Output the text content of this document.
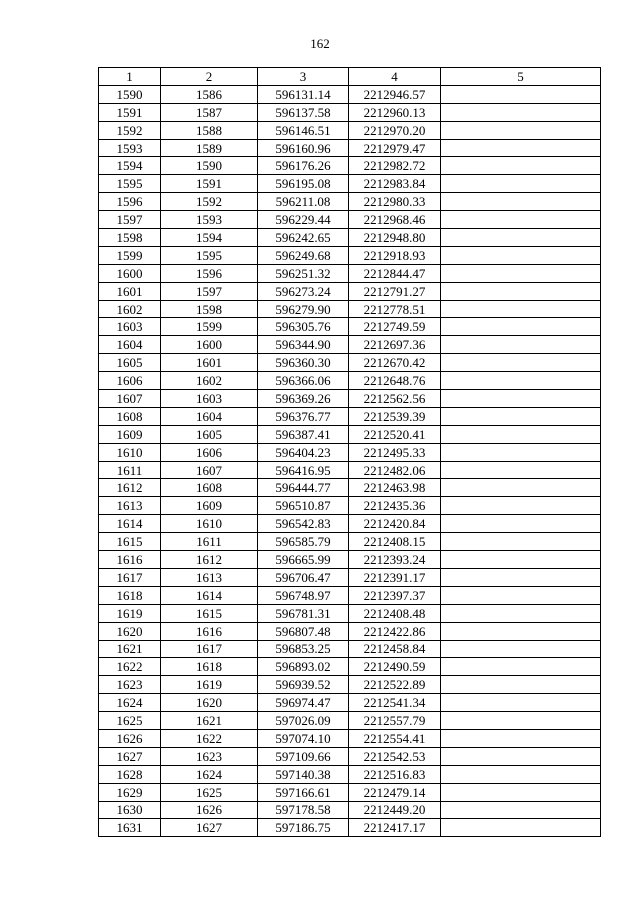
162
1	2	3	4	5
1590	1586	596131.14	2212946.57	
1591	1587	596137.58	2212960.13	
1592	1588	596146.51	2212970.20	
1593	1589	596160.96	2212979.47	
1594	1590	596176.26	2212982.72	
1595	1591	596195.08	2212983.84	
1596	1592	596211.08	2212980.33	
1597	1593	596229.44	2212968.46	
1598	1594	596242.65	2212948.80	
1599	1595	596249.68	2212918.93	
1600	1596	596251.32	2212844.47	
1601	1597	596273.24	2212791.27	
1602	1598	596279.90	2212778.51	
1603	1599	596305.76	2212749.59	
1604	1600	596344.90	2212697.36	
1605	1601	596360.30	2212670.42	
1606	1602	596366.06	2212648.76	
1607	1603	596369.26	2212562.56	
1608	1604	596376.77	2212539.39	
1609	1605	596387.41	2212520.41	
1610	1606	596404.23	2212495.33	
1611	1607	596416.95	2212482.06	
1612	1608	596444.77	2212463.98	
1613	1609	596510.87	2212435.36	
1614	1610	596542.83	2212420.84	
1615	1611	596585.79	2212408.15	
1616	1612	596665.99	2212393.24	
1617	1613	596706.47	2212391.17	
1618	1614	596748.97	2212397.37	
1619	1615	596781.31	2212408.48	
1620	1616	596807.48	2212422.86	
1621	1617	596853.25	2212458.84	
1622	1618	596893.02	2212490.59	
1623	1619	596939.52	2212522.89	
1624	1620	596974.47	2212541.34	
1625	1621	597026.09	2212557.79	
1626	1622	597074.10	2212554.41	
1627	1623	597109.66	2212542.53	
1628	1624	597140.38	2212516.83	
1629	1625	597166.61	2212479.14	
1630	1626	597178.58	2212449.20	
1631	1627	597186.75	2212417.17	
